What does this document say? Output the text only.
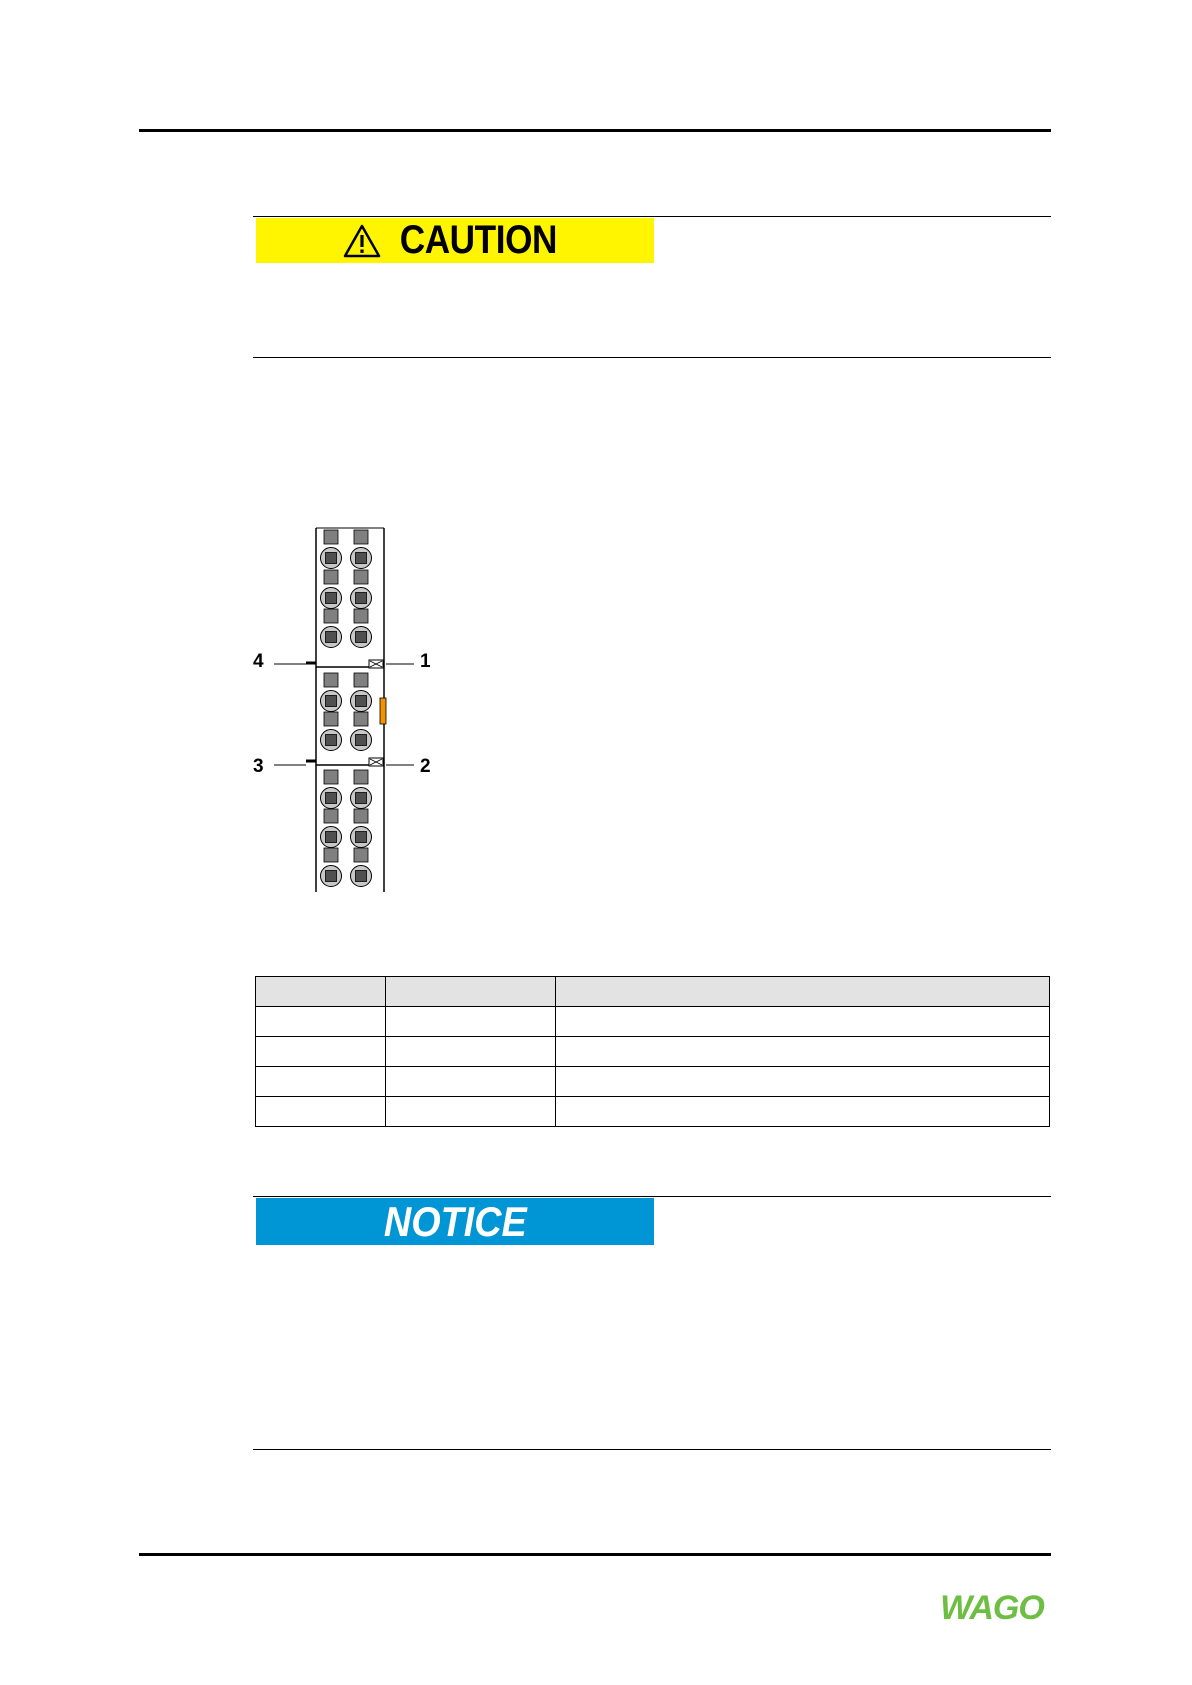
CAUTION
1
2
3
4

NOTICE
WAGO
